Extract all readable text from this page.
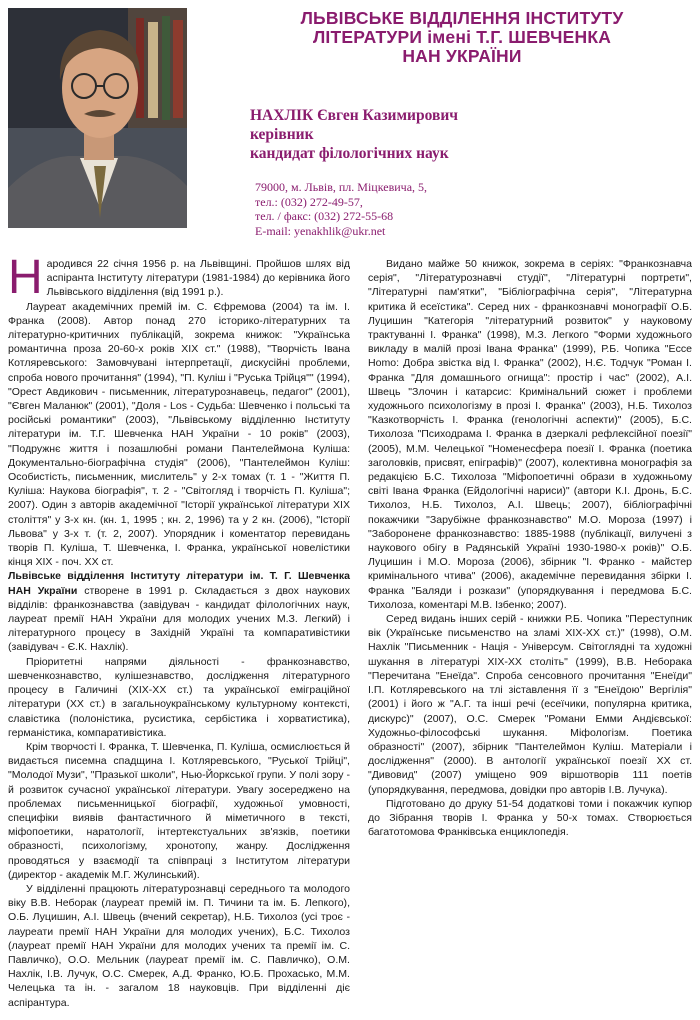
ЛЬВІВСЬКЕ ВІДДІЛЕННЯ ІНСТИТУТУ
ЛІТЕРАТУРИ імені Т.Г. ШЕВЧЕНКА
НАН УКРАЇНИ
НАХЛІК Євген Казимирович
керівник
кандидат філологічних наук
79000, м. Львів, пл. Міцкевича, 5,
тел.: (032) 272-49-57,
тел. / факс: (032) 272-55-68
E-mail: yenakhlik@ukr.net

Народився 22 січня 1956 р. на Львівщині. Пройшов шлях від аспіранта Інституту літератури (1981-1984) до керівника його Львівського відділення (від 1991 р.).

Лауреат академічних премій ім. С. Єфремова (2004) та ім. І. Франка (2008). Автор понад 270 історико-літературних та літературно-критичних публікацій, зокрема книжок: "Українська романтична проза 20-60-х років XIX ст." (1988), "Творчість Івана Котляревського: Замовчувані інтерпретації, дискусійні проблеми, спроба нового прочитання" (1994), "П. Куліш і "Руська Трійця"" (1994), "Орест Авдикович - письменник, літературознавець, педагог" (2001), "Євген Маланюк" (2001), "Доля - Los - Судьба: Шевченко і польські та російські романтики" (2003), "Львівському відділенню Інституту літератури ім. Т.Г. Шевченка НАН України - 10 років" (2003), "Подружнє життя і позашлюбні романи Пантелеймона Куліша: Документально-біографічна студія" (2006), "Пантелеймон Куліш: Особистість, письменник, мислитель" у 2-х томах (т. 1 - "Життя П. Куліша: Наукова біографія", т. 2 - "Світогляд і творчість П. Куліша"; 2007). Один з авторів академічної "Історії української літератури XIX століття" у 3-х кн. (кн. 1, 1995 ; кн. 2, 1996) та у 2 кн. (2006), "Історії Львова" у 3-х т. (т. 2, 2007). Упорядник і коментатор перевидань творів П. Куліша, Т. Шевченка, І. Франка, української новелістики кінця XIX - поч. XX ст.

Львівське відділення Інституту літератури ім. Т. Г. Шевченка НАН України створене в 1991 р. Складається з двох наукових відділів: франкознавства (завідувач - кандидат філологічних наук, лауреат премії НАН України для молодих учених М.З. Легкий) і літературного процесу в Західній Україні та компаративістики (завідувач - Є.К. Нахлік).

Пріоритетні напрями діяльності - франкознавство, шевченкознавство, кулішезнавство, дослідження літературного процесу в Галичині (XIX-XX ст.) та української еміграційної літератури (XX ст.) в загальноукраїнському культурному контексті, славістика (полоністика, русистика, сербістика і хорватистика), германістика, компаративістика.

Крім творчості І. Франка, Т. Шевченка, П. Куліша, осмислюється й видається писемна спадщина І. Котляревського, "Руської Трійці", "Молодої Музи", "Празької школи", Нью-Йоркської групи. У полі зору - й розвиток сучасної української літератури. Увагу зосереджено на проблемах письменницької біографії, художньої умовності, специфіки виявів фантастичного й міметичного в тексті, міфопоетики, наратології, інтертекстуальних зв'язків, поетики образності, психологізму, хронотопу, жанру. Дослідження проводяться у взаємодії та співпраці з Інститутом літератури (директор - академік М.Г. Жулинський).

У відділенні працюють літературознавці середнього та молодого віку В.В. Неборак (лауреат премій ім. П. Тичини та ім. Б. Лепкого), О.Б. Луцишин, А.І. Швець (вчений секретар), Н.Б. Тихолоз (усі троє - лауреати премії НАН України для молодих учених), Б.С. Тихолоз (лауреат премії НАН України для молодих учених та премії ім. С. Павличко), О.О. Мельник (лауреат премії ім. С. Павличко), О.М. Нахлік, І.В. Лучук, О.С. Смерек, А.Д. Франко, Ю.Б. Прохасько, М.М. Челецька та ін. - загалом 18 науковців. При відділенні діє аспірантура.

Видано майже 50 книжок, зокрема в серіях: "Франкознавча серія", "Літературознавчі студії", "Літературні портрети", "Літературні пам'ятки", "Бібліографічна серія", "Літературна критика й есеїстика". Серед них - франкознавчі монографії О.Б. Луцишин "Категорія "літературний розвиток" у науковому трактуванні І. Франка" (1998), М.З. Легкого "Форми художнього викладу в малій прозі Івана Франка" (1999), Р.Б. Чопика "Ecce Homo: Добра звістка від І. Франка" (2002), Н.Є. Тодчук "Роман І. Франка "Для домашнього огнища": простір і час" (2002), А.І. Швець "Злочин і катарсис: Кримінальний сюжет і проблеми художнього психологізму в прозі І. Франка" (2003), Н.Б. Тихолоз "Казкотворчість І. Франка (генологічні аспекти)" (2005), Б.С. Тихолоза "Психодрама І. Франка в дзеркалі рефлексійної поезії" (2005), М.М. Челецької "Номенесфера поезії І. Франка (поетика заголовків, присвят, епіграфів)" (2007), колективна монографія за редакцією Б.С. Тихолоза "Міфопоетичні образи в художньому світі Івана Франка (Ейдологічні нариси)" (автори К.І. Дронь, Б.С. Тихолоз, Н.Б. Тихолоз, А.І. Швець; 2007), бібліографічні покажчики "Зарубіжне франкознавство" М.О. Мороза (1997) і "Заборонене франкознавство: 1885-1988 (публікації, вилучені з наукового обігу в Радянській Україні 1930-1980-х років)" О.Б. Луцишин і М.О. Мороза (2006), збірник "І. Франко - майстер кримінального чтива" (2006), академічне перевидання збірки І. Франка "Баляди і розкази" (упорядкування і передмова Б.С. Тихолоза, коментарі М.В. Ізбенко; 2007).

Серед видань інших серій - книжки Р.Б. Чопика "Переступник вік (Українське письменство на зламі XIX-XX ст.)" (1998), О.М. Нахлік "Письменник - Нація - Універсум. Світоглядні та художні шукання в літературі XIX-XX століть" (1999), В.В. Неборака "Перечитана "Енеїда". Спроба сенсовного прочитання "Енеїди" І.П. Котляревського на тлі зіставлення її з "Енеїдою" Вергілія" (2001) і його ж "А.Г. та інші речі (есеїчики, популярна критика, дискурс)" (2007), О.С. Смерек "Романи Емми Андієвської: Художньо-філософські шукання. Міфологізм. Поетика образності" (2007), збірник "Пантелеймон Куліш. Матеріали і дослідження" (2000). В антології української поезії XX ст. "Дивовид" (2007) уміщено 909 віршотворів 111 поетів (упорядкування, передмова, довідки про авторів І.В. Лучука).

Підготовано до друку 51-54 додаткові томи і покажчик купюр до Зібрання творів І. Франка у 50-х томах. Створюється багатотомова Франківська енциклопедія.
